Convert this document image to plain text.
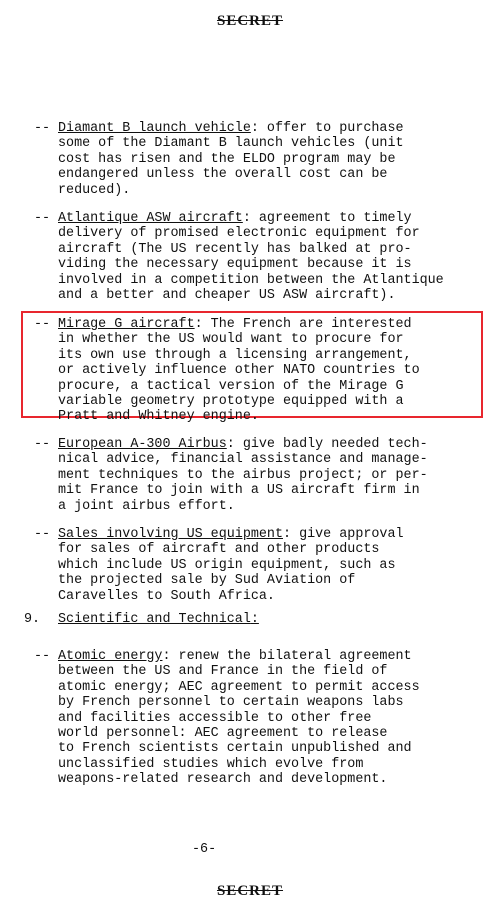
SECRET
-- Diamant B launch vehicle: offer to purchase
some of the Diamant B launch vehicles (unit
cost has risen and the ELDO program may be
endangered unless the overall cost can be
reduced).
-- Atlantique ASW aircraft: agreement to timely
delivery of promised electronic equipment for
aircraft (The US recently has balked at pro-
viding the necessary equipment because it is
involved in a competition between the Atlantique
and a better and cheaper US ASW aircraft).
-- Mirage G aircraft: The French are interested
in whether the US would want to procure for
its own use through a licensing arrangement,
or actively influence other NATO countries to
procure, a tactical version of the Mirage G
variable geometry prototype equipped with a
Pratt and Whitney engine.
-- European A-300 Airbus: give badly needed tech-
nical advice, financial assistance and manage-
ment techniques to the airbus project; or per-
mit France to join with a US aircraft firm in
a joint airbus effort.
-- Sales involving US equipment: give approval
for sales of aircraft and other products
which include US origin equipment, such as
the projected sale by Sud Aviation of
Caravelles to South Africa.
9. Scientific and Technical:
-- Atomic energy: renew the bilateral agreement
between the US and France in the field of
atomic energy; AEC agreement to permit access
by French personnel to certain weapons labs
and facilities accessible to other free
world personnel: AEC agreement to release
to French scientists certain unpublished and
unclassified studies which evolve from
weapons-related research and development.
-6-
SECRET
